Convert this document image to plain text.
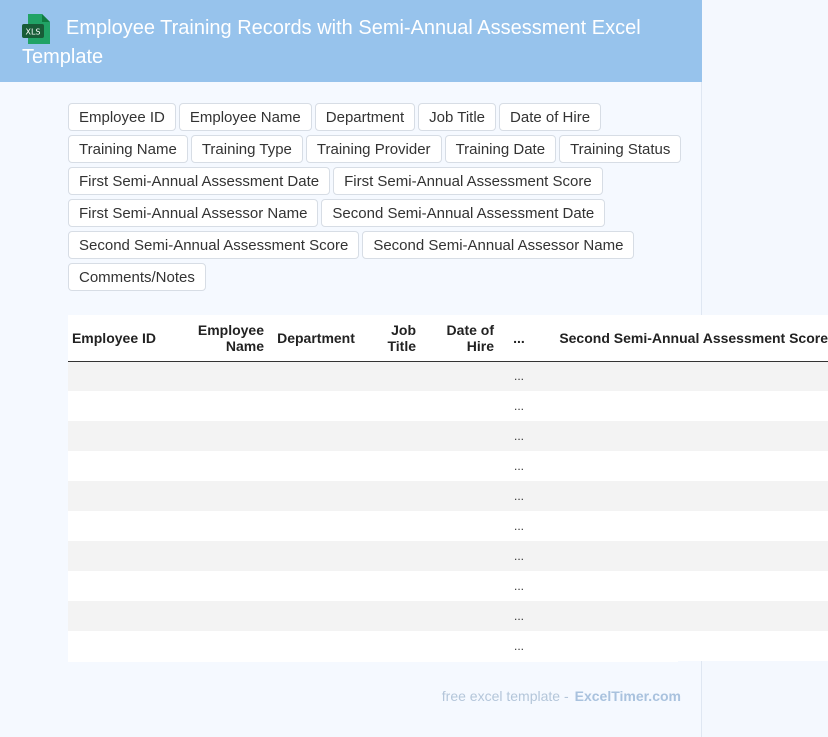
XLS	Employee Training Records with Semi-Annual Assessment Excel Template
Employee ID	Employee Name	Department	Job Title	Date of Hire
Training Name	Training Type	Training Provider	Training Date	Training Status
First Semi-Annual Assessment Date	First Semi-Annual Assessment Score
First Semi-Annual Assessor Name	Second Semi-Annual Assessment Date
Second Semi-Annual Assessment Score	Second Semi-Annual Assessor Name
Comments/Notes
Employee ID	Employee Name	Department	Job Title	Date of Hire	...	Second Semi-Annual Assessment Score
					...	
					...	
					...	
					...	
					...	
					...	
					...	
					...	
					...	
					...	
free excel template - ExcelTimer.com
